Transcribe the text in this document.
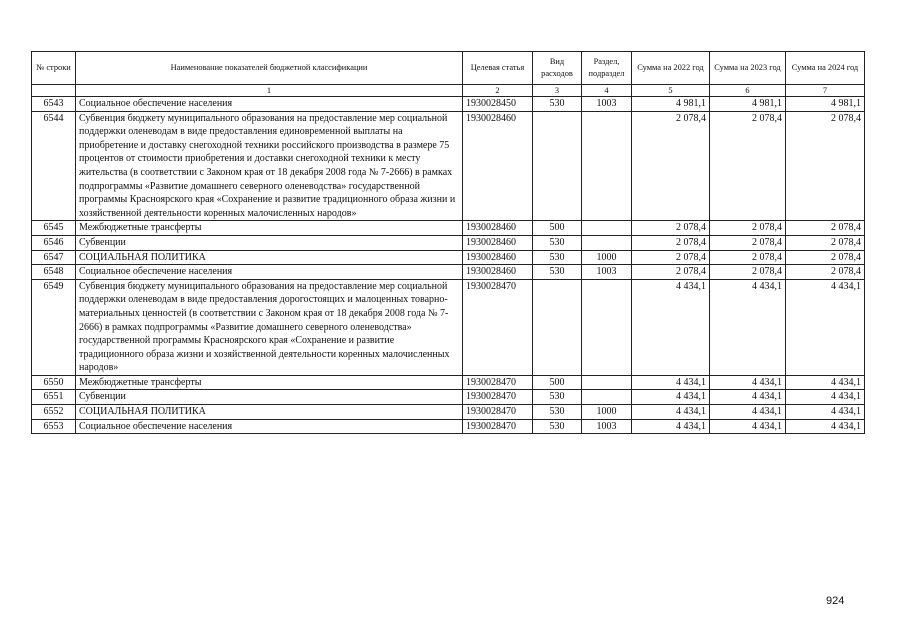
№ строки	Наименование показателей бюджетной классификации	Целевая статья	Вид расходов	Раздел, подраздел	Сумма на 2022 год	Сумма на 2023 год	Сумма на 2024 год
	1	2	3	4	5	6	7
6543	Социальное обеспечение населения	1930028450	530	1003	4 981,1	4 981,1	4 981,1
6544	Субвенция бюджету муниципального образования на предоставление мер социальной поддержки оленеводам в виде предоставления единовременной выплаты на приобретение и доставку снегоходной техники российского производства в размере 75 процентов от стоимости приобретения и доставки снегоходной техники к месту жительства (в соответствии с Законом края от 18 декабря 2008 года № 7-2666) в рамках подпрограммы «Развитие домашнего северного оленеводства» государственной программы Красноярского края «Сохранение и развитие традиционного образа жизни и хозяйственной деятельности коренных малочисленных народов»	1930028460			2 078,4	2 078,4	2 078,4
6545	Межбюджетные трансферты	1930028460	500		2 078,4	2 078,4	2 078,4
6546	Субвенции	1930028460	530		2 078,4	2 078,4	2 078,4
6547	СОЦИАЛЬНАЯ ПОЛИТИКА	1930028460	530	1000	2 078,4	2 078,4	2 078,4
6548	Социальное обеспечение населения	1930028460	530	1003	2 078,4	2 078,4	2 078,4
6549	Субвенция бюджету муниципального образования на предоставление мер социальной поддержки оленеводам в виде предоставления дорогостоящих и малоценных товарно-материальных ценностей (в соответствии с Законом края от 18 декабря 2008 года № 7-2666) в рамках подпрограммы «Развитие домашнего северного оленеводства» государственной программы Красноярского края «Сохранение и развитие традиционного образа жизни и хозяйственной деятельности коренных малочисленных народов»	1930028470			4 434,1	4 434,1	4 434,1
6550	Межбюджетные трансферты	1930028470	500		4 434,1	4 434,1	4 434,1
6551	Субвенции	1930028470	530		4 434,1	4 434,1	4 434,1
6552	СОЦИАЛЬНАЯ ПОЛИТИКА	1930028470	530	1000	4 434,1	4 434,1	4 434,1
6553	Социальное обеспечение населения	1930028470	530	1003	4 434,1	4 434,1	4 434,1
924
